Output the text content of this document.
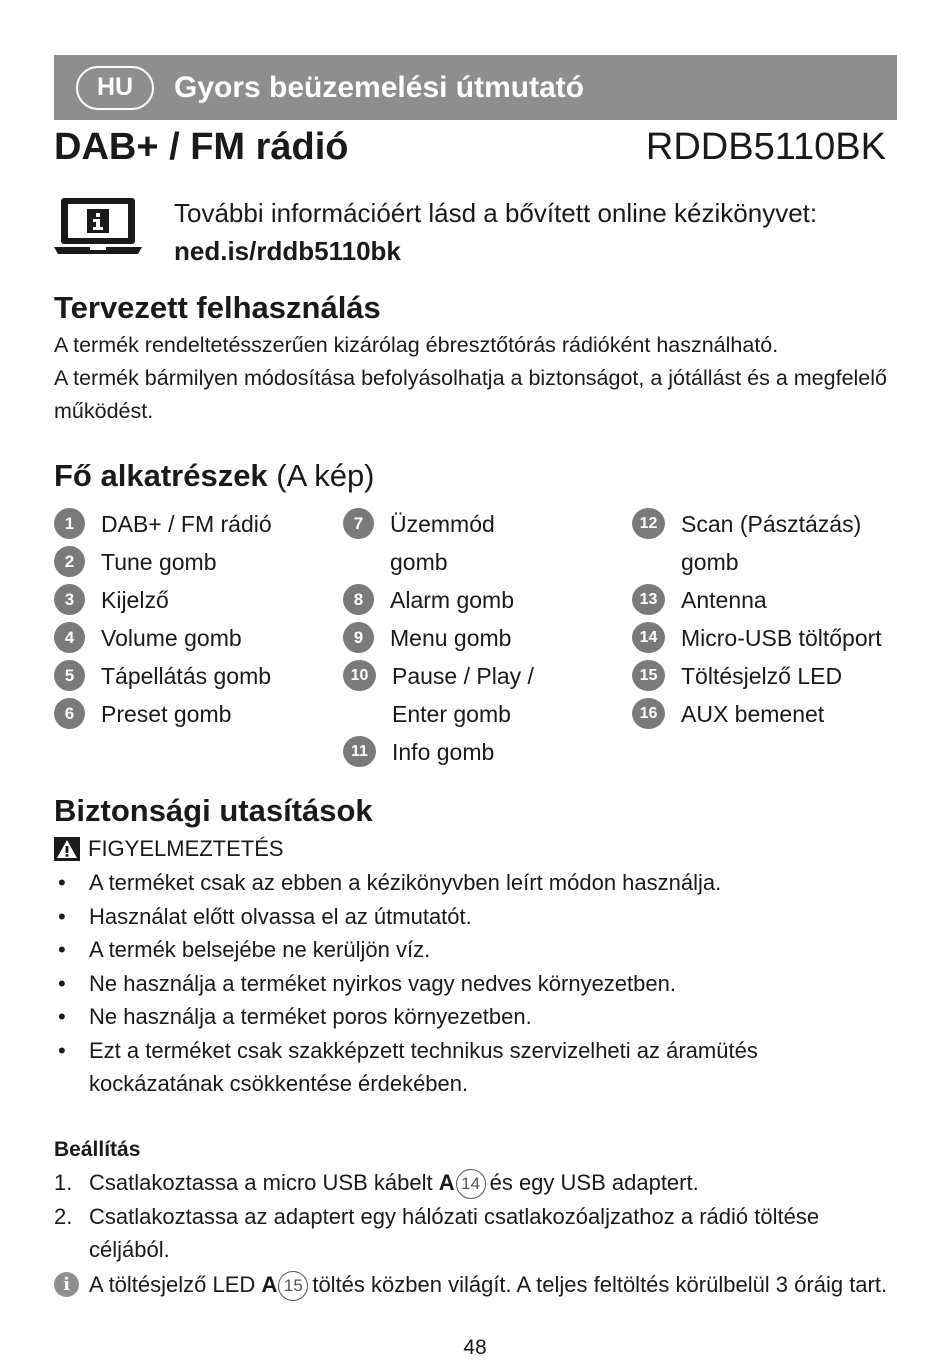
HU	Gyors beüzemelési útmutató
DAB+ / FM rádió	RDDB5110BK
További információért lásd a bővített online kézikönyvet:
ned.is/rddb5110bk
Tervezett felhasználás
A termék rendeltetésszerűen kizárólag ébresztőtórás rádióként használható.
A termék bármilyen módosítása befolyásolhatja a biztonságot, a jótállást és a megfelelő működést.
Fő alkatrészek (A kép)
1	DAB+ / FM rádió
2	Tune gomb
3	Kijelző
4	Volume gomb
5	Tápellátás gomb
6	Preset gomb
7	Üzemmód gomb
8	Alarm gomb
9	Menu gomb
10	Pause / Play / Enter gomb
11	Info gomb
12	Scan (Pásztázás) gomb
13	Antenna
14	Micro-USB töltőport
15	Töltésjelző LED
16	AUX bemenet
Biztonsági utasítások
FIGYELMEZTETÉS
• A terméket csak az ebben a kézikönyvben leírt módon használja.
• Használat előtt olvassa el az útmutatót.
• A termék belsejébe ne kerüljön víz.
• Ne használja a terméket nyirkos vagy nedves környezetben.
• Ne használja a terméket poros környezetben.
• Ezt a terméket csak szakképzett technikus szervizelheti az áramütés kockázatának csökkentése érdekében.
Beállítás
1. Csatlakoztassa a micro USB kábelt A 14 és egy USB adaptert.
2. Csatlakoztassa az adaptert egy hálózati csatlakozóaljzathoz a rádió töltése céljából.
i A töltésjelző LED A 15 töltés közben világít. A teljes feltöltés körülbelül 3 óráig tart.
48
